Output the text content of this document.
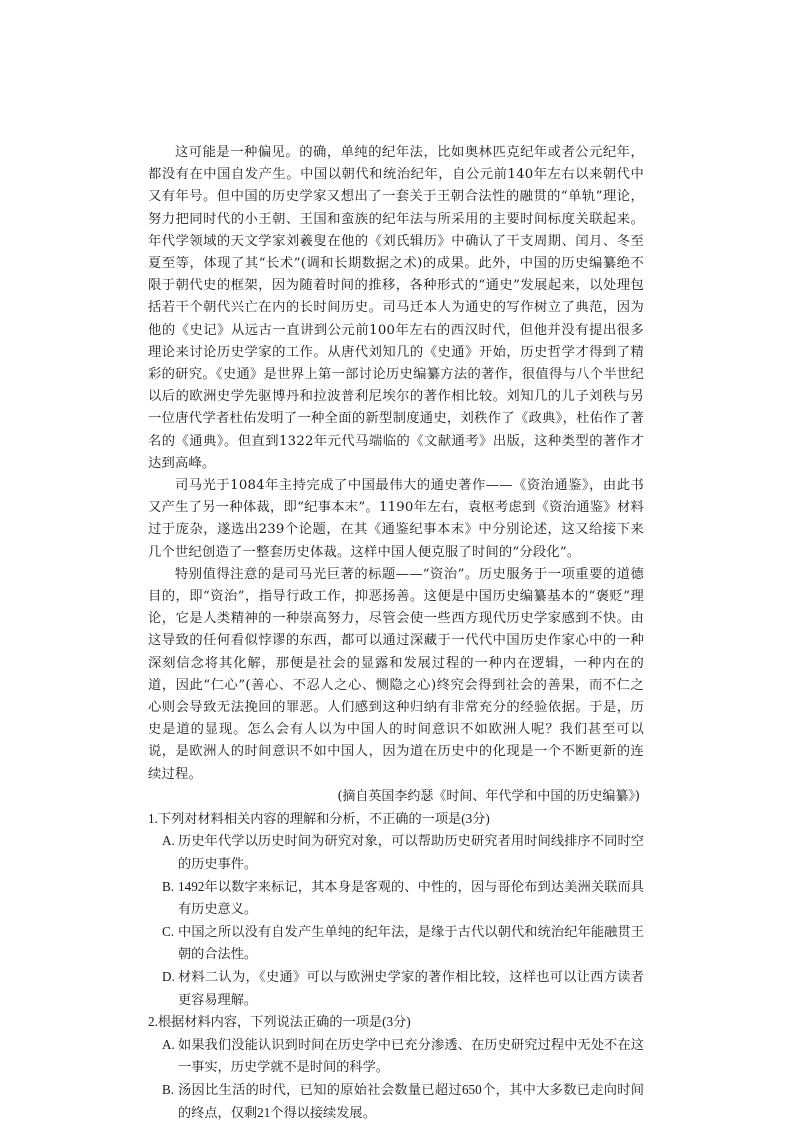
这可能是一种偏见。的确，单纯的纪年法，比如奥林匹克纪年或者公元纪年，都没有在中国自发产生。中国以朝代和统治纪年，自公元前140年左右以来朝代中又有年号。但中国的历史学家又想出了一套关于王朝合法性的融贯的“单轨”理论，努力把同时代的小王朝、王国和蛮族的纪年法与所采用的主要时间标度关联起来。年代学领域的天文学家刘羲叟在他的《刘氏辑历》中确认了干支周期、闰月、冬至夏至等，体现了其“长术”(调和长期数据之术)的成果。此外，中国的历史编纂绝不限于朝代史的框架，因为随着时间的推移，各种形式的“通史”发展起来，以处理包括若干个朝代兴亡在内的长时间历史。司马迁本人为通史的写作树立了典范，因为他的《史记》从远古一直讲到公元前100年左右的西汉时代，但他并没有提出很多理论来讨论历史学家的工作。从唐代刘知几的《史通》开始，历史哲学才得到了精彩的研究。《史通》是世界上第一部讨论历史编纂方法的著作，很值得与八个半世纪以后的欧洲史学先驱博丹和拉波普利尼埃尔的著作相比较。刘知几的儿子刘秩与另一位唐代学者杜佑发明了一种全面的新型制度通史，刘秩作了《政典》，杜佑作了著名的《通典》。但直到1322年元代马端临的《文献通考》出版，这种类型的著作才达到高峰。

司马光于1084年主持完成了中国最伟大的通史著作——《资治通鉴》，由此书又产生了另一种体裁，即“纪事本末”。1190年左右，袁枢考虑到《资治通鉴》材料过于庞杂，遂选出239个论题，在其《通鉴纪事本末》中分别论述，这又给接下来几个世纪创造了一整套历史体裁。这样中国人便克服了时间的“分段化”。

特别值得注意的是司马光巨著的标题——“资治”。历史服务于一项重要的道德目的，即“资治”，指导行政工作，抑恶扬善。这便是中国历史编纂基本的“褒贬”理论，它是人类精神的一种崇高努力，尽管会使一些西方现代历史学家感到不快。由这导致的任何看似悖谬的东西，都可以通过深藏于一代代中国历史作家心中的一种深刻信念将其化解，那便是社会的显露和发展过程的一种内在逻辑，一种内在的道，因此“仁心”(善心、不忍人之心、恻隐之心)终究会得到社会的善果，而不仁之心则会导致无法挽回的罪恶。人们感到这种归纳有非常充分的经验依据。于是，历史是道的显现。怎么会有人以为中国人的时间意识不如欧洲人呢？我们甚至可以说，是欧洲人的时间意识不如中国人，因为道在历史中的化现是一个不断更新的连续过程。

(摘自英国李约瑟《时间、年代学和中国的历史编纂》)

1.下列对材料相关内容的理解和分析，不正确的一项是(3分)

A. 历史年代学以历史时间为研究对象，可以帮助历史研究者用时间线排序不同时空的历史事件。
B. 1492年以数字来标记，其本身是客观的、中性的，因与哥伦布到达美洲关联而具有历史意义。
C. 中国之所以没有自发产生单纯的纪年法，是缘于古代以朝代和统治纪年能融贯王朝的合法性。
D. 材料二认为，《史通》可以与欧洲史学家的著作相比较，这样也可以让西方读者更容易理解。

2.根据材料内容，下列说法正确的一项是(3分)

A. 如果我们没能认识到时间在历史学中已充分渗透、在历史研究过程中无处不在这一事实，历史学就不是时间的科学。
B. 汤因比生活的时代，已知的原始社会数量已超过650个，其中大多数已走向时间的终点，仅剩21个得以接续发展。
